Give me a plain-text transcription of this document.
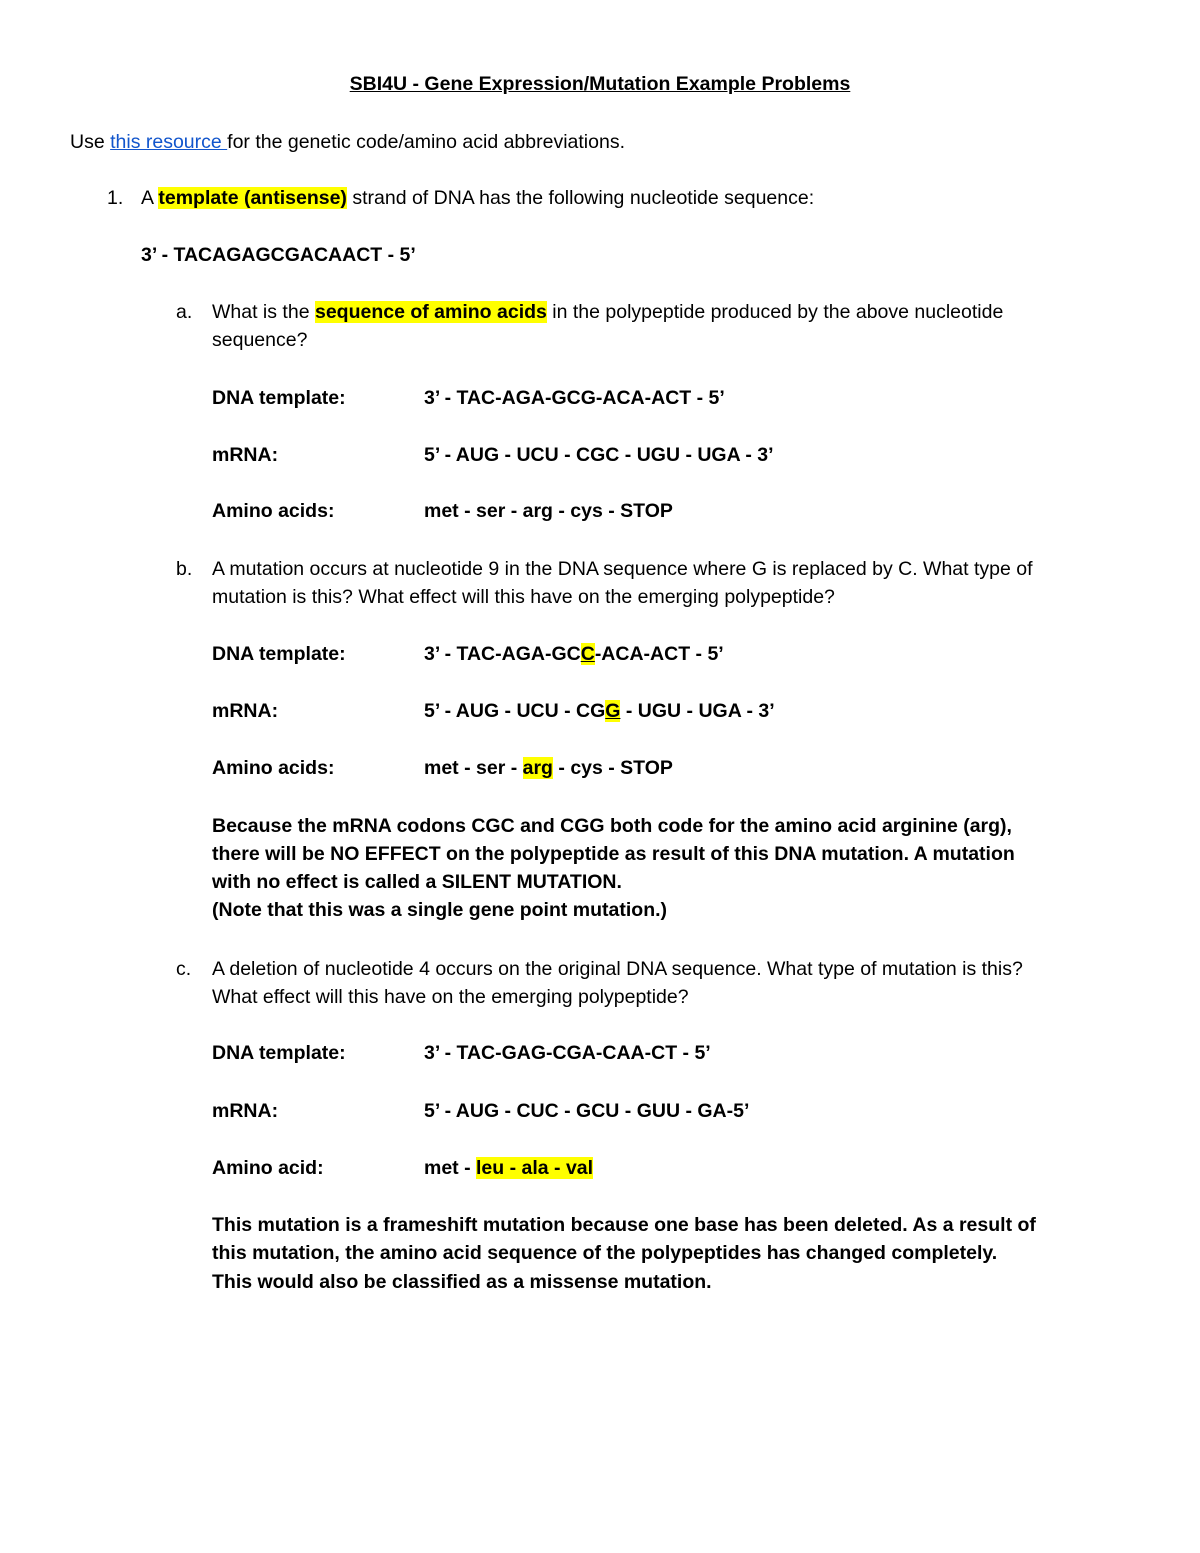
SBI4U - Gene Expression/Mutation Example Problems
Use this resource for the genetic code/amino acid abbreviations.
1. A template (antisense) strand of DNA has the following nucleotide sequence:
3’ - TACAGAGCGACAACT - 5’
a. What is the sequence of amino acids in the polypeptide produced by the above nucleotide
sequence?
DNA template:	3’ - TAC-AGA-GCG-ACA-ACT - 5’
mRNA:	5’ - AUG - UCU - CGC - UGU - UGA - 3’
Amino acids:	met - ser - arg - cys - STOP
b. A mutation occurs at nucleotide 9 in the DNA sequence where G is replaced by C. What type of
mutation is this? What effect will this have on the emerging polypeptide?
DNA template:	3’ - TAC-AGA-GCC-ACA-ACT - 5’
mRNA:	5’ - AUG - UCU - CGG - UGU - UGA - 3’
Amino acids:	met - ser - arg - cys - STOP
Because the mRNA codons CGC and CGG both code for the amino acid arginine (arg),
there will be NO EFFECT on the polypeptide as result of this DNA mutation. A mutation
with no effect is called a SILENT MUTATION.
(Note that this was a single gene point mutation.)
c. A deletion of nucleotide 4 occurs on the original DNA sequence. What type of mutation is this?
What effect will this have on the emerging polypeptide?
DNA template:	3’ - TAC-GAG-CGA-CAA-CT - 5’
mRNA:	5’ - AUG - CUC - GCU - GUU - GA-5’
Amino acid:	met - leu - ala - val
This mutation is a frameshift mutation because one base has been deleted. As a result of
this mutation, the amino acid sequence of the polypeptides has changed completely.
This would also be classified as a missense mutation.
